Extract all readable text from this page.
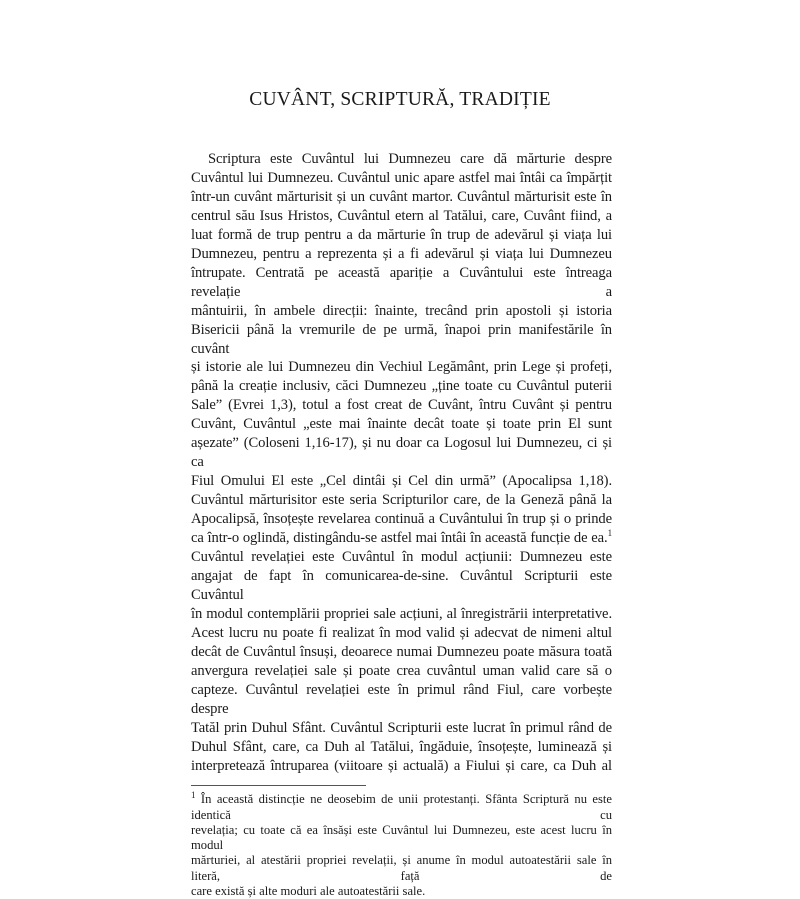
CUVÂNT, SCRIPTURĂ, TRADIȚIE
Scriptura este Cuvântul lui Dumnezeu care dă mărturie despre
Cuvântul lui Dumnezeu. Cuvântul unic apare astfel mai întâi ca împărțit
într-un cuvânt mărturisit și un cuvânt martor. Cuvântul mărturisit este în
centrul său Isus Hristos, Cuvântul etern al Tatălui, care, Cuvânt fiind, a
luat formă de trup pentru a da mărturie în trup de adevărul și viața lui
Dumnezeu, pentru a reprezenta și a fi adevărul și viața lui Dumnezeu
întrupate. Centrată pe această apariție a Cuvântului este întreaga revelație a
mântuirii, în ambele direcții: înainte, trecând prin apostoli și istoria
Bisericii până la vremurile de pe urmă, înapoi prin manifestările în cuvânt
și istorie ale lui Dumnezeu din Vechiul Legământ, prin Lege și profeți,
până la creație inclusiv, căci Dumnezeu „ține toate cu Cuvântul puterii
Sale” (Evrei 1,3), totul a fost creat de Cuvânt, întru Cuvânt și pentru
Cuvânt, Cuvântul „este mai înainte decât toate și toate prin El sunt
așezate” (Coloseni 1,16-17), și nu doar ca Logosul lui Dumnezeu, ci și ca
Fiul Omului El este „Cel dintâi și Cel din urmă” (Apocalipsa 1,18).
Cuvântul mărturisitor este seria Scripturilor care, de la Geneză până la
Apocalipsă, însoțește revelarea continuă a Cuvântului în trup și o prinde
ca într-o oglindă, distingându-se astfel mai întâi în această funcție de ea.$^1$
Cuvântul revelației este Cuvântul în modul acțiunii: Dumnezeu este
angajat de fapt în comunicarea-de-sine. Cuvântul Scripturii este Cuvântul
în modul contemplării propriei sale acțiuni, al înregistrării interpretative.
Acest lucru nu poate fi realizat în mod valid și adecvat de nimeni altul
decât de Cuvântul însuși, deoarece numai Dumnezeu poate măsura toată
anvergura revelației sale și poate crea cuvântul uman valid care să o
capteze. Cuvântul revelației este în primul rând Fiul, care vorbește despre
Tatăl prin Duhul Sfânt. Cuvântul Scripturii este lucrat în primul rând de
Duhul Sfânt, care, ca Duh al Tatălui, îngăduie, însoțește, luminează și
interpretează întruparea (viitoare și actuală) a Fiului și care, ca Duh al
$^1$ În această distincție ne deosebim de unii protestanți. Sfânta Scriptură nu este identică cu
revelația; cu toate că ea însăși este Cuvântul lui Dumnezeu, este acest lucru în modul
mărturiei, al atestării propriei revelații, și anume în modul autoatestării sale în literă, față de
care există și alte moduri ale autoatestării sale.
